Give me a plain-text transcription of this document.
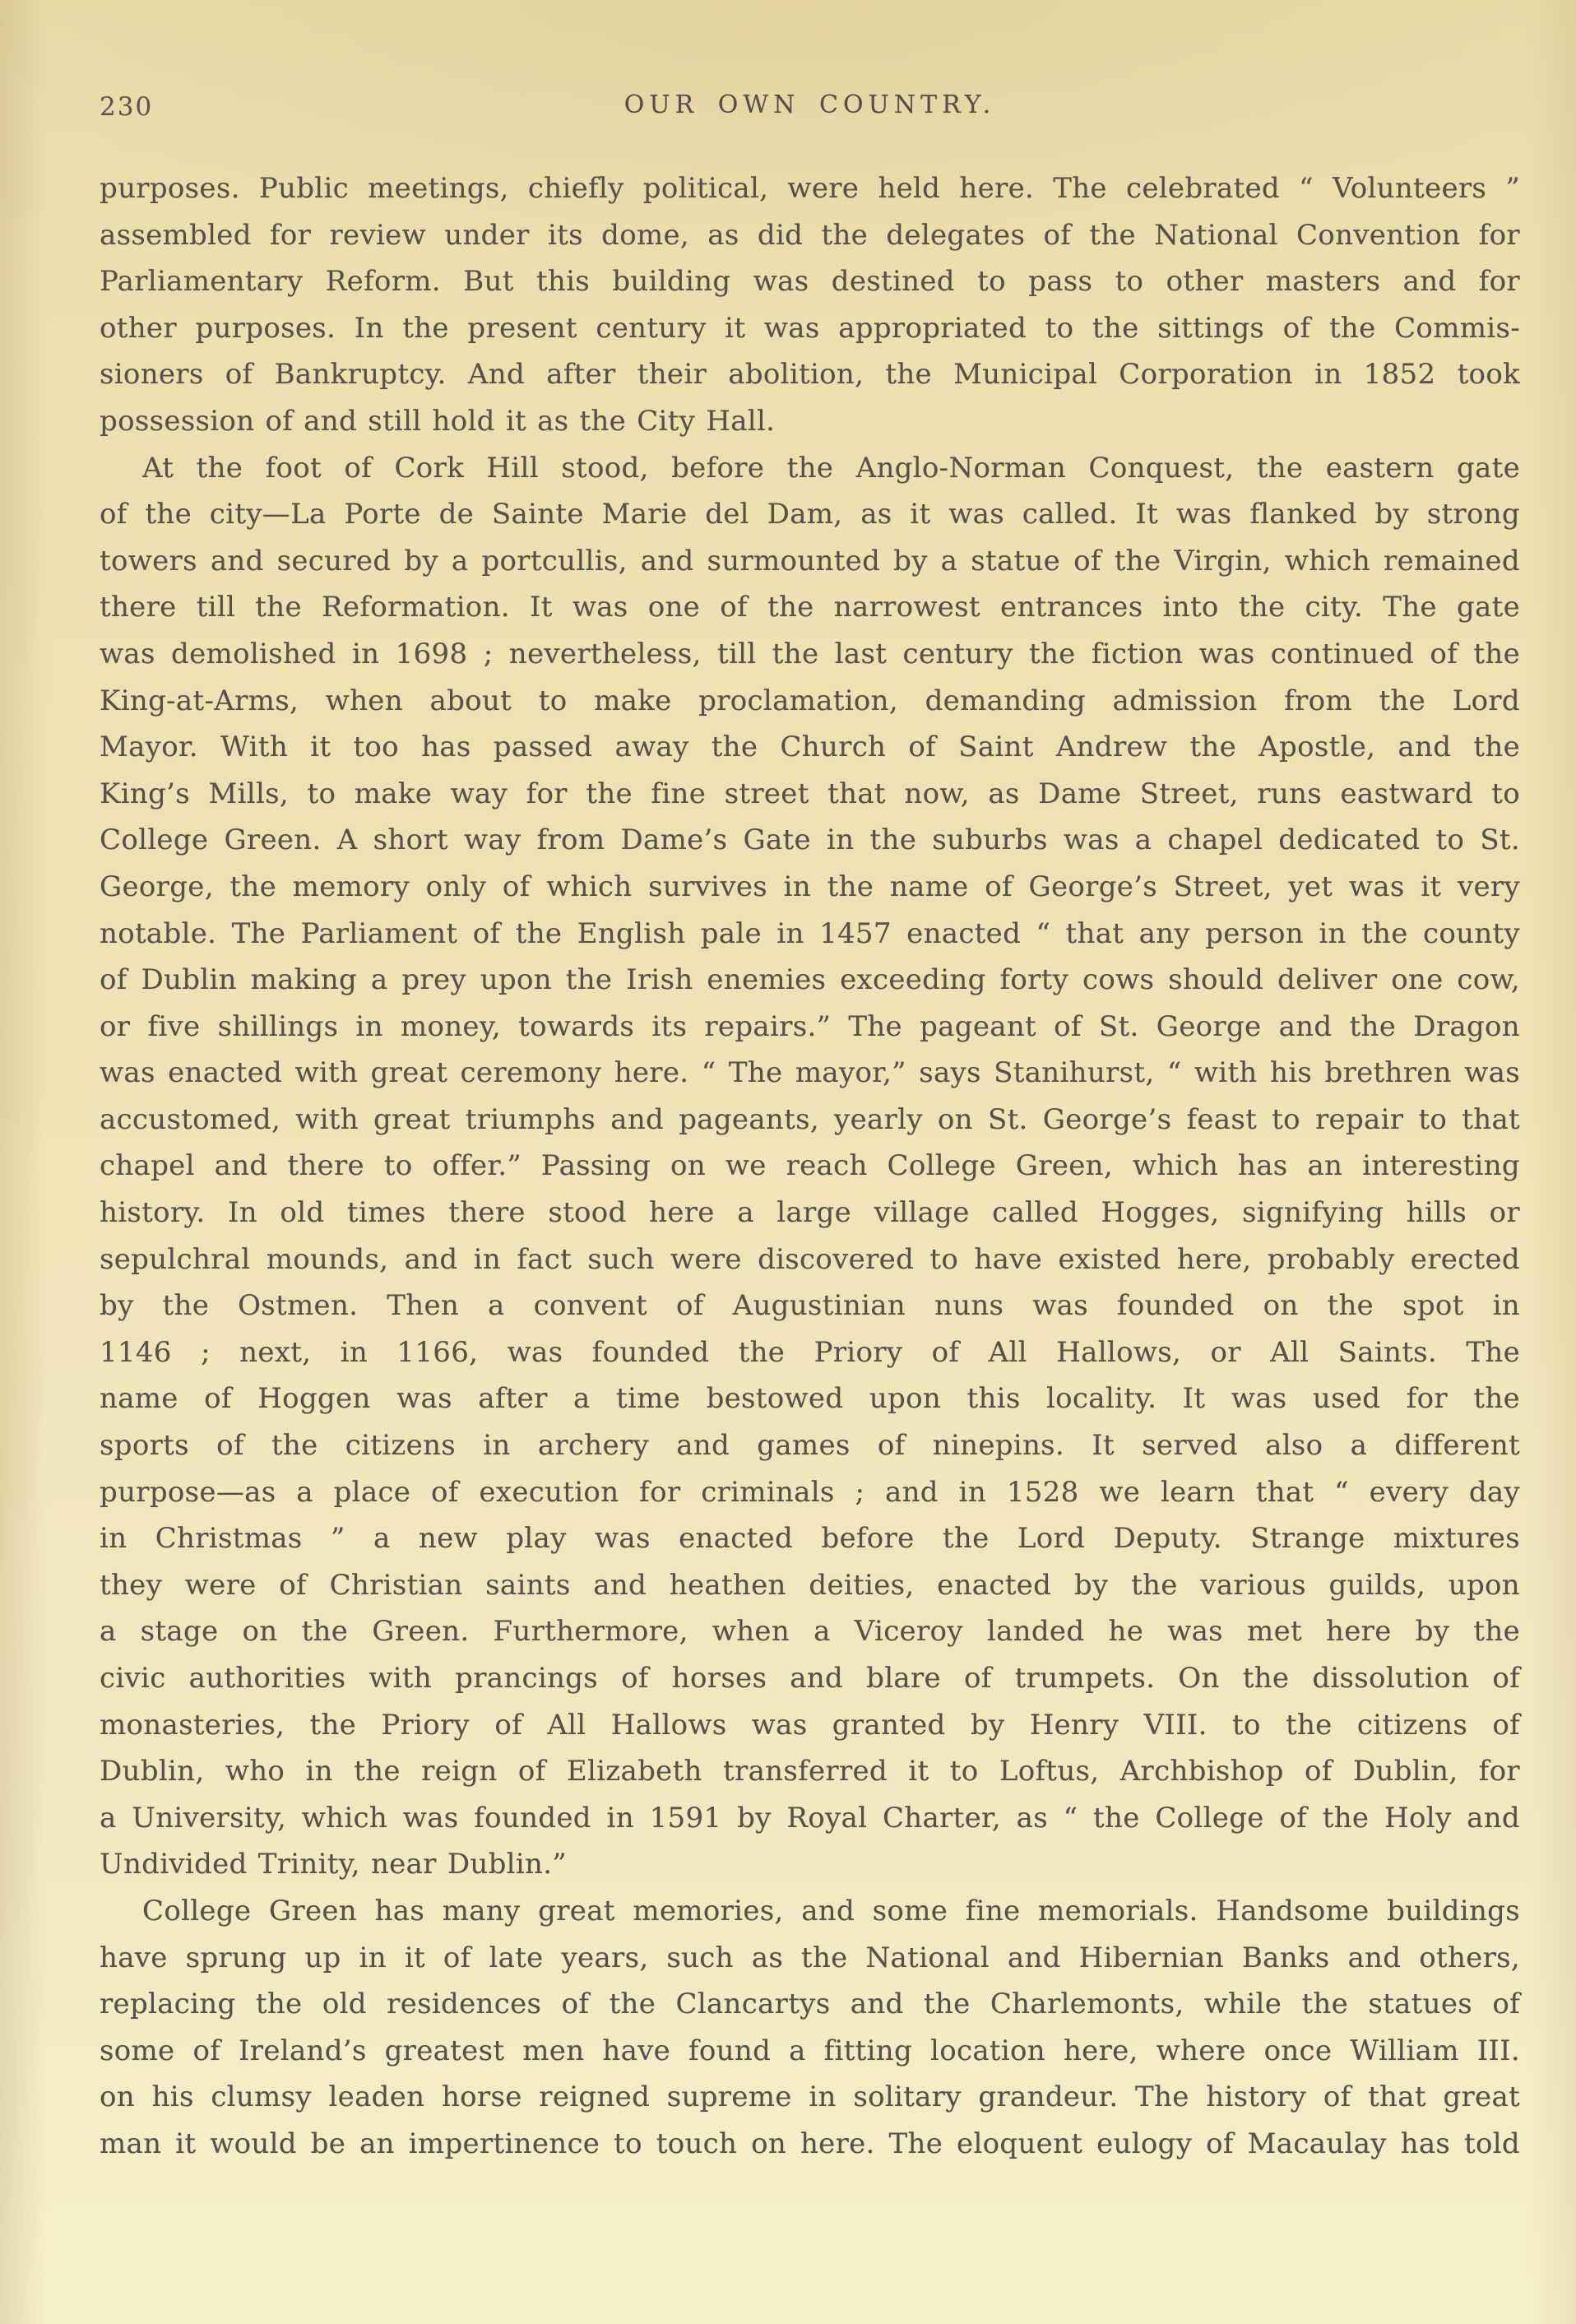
230	OUR OWN COUNTRY.
purposes. Public meetings, chiefly political, were held here. The celebrated “ Volunteers ”
assembled for review under its dome, as did the delegates of the National Convention for
Parliamentary Reform. But this building was destined to pass to other masters and for
other purposes. In the present century it was appropriated to the sittings of the Commis-
sioners of Bankruptcy. And after their abolition, the Municipal Corporation in 1852 took
possession of and still hold it as the City Hall.
At the foot of Cork Hill stood, before the Anglo-Norman Conquest, the eastern gate
of the city—La Porte de Sainte Marie del Dam, as it was called. It was flanked by strong
towers and secured by a portcullis, and surmounted by a statue of the Virgin, which remained
there till the Reformation. It was one of the narrowest entrances into the city. The gate
was demolished in 1698 ; nevertheless, till the last century the fiction was continued of the
King-at-Arms, when about to make proclamation, demanding admission from the Lord
Mayor. With it too has passed away the Church of Saint Andrew the Apostle, and the
King’s Mills, to make way for the fine street that now, as Dame Street, runs eastward to
College Green. A short way from Dame’s Gate in the suburbs was a chapel dedicated to St.
George, the memory only of which survives in the name of George’s Street, yet was it very
notable. The Parliament of the English pale in 1457 enacted “ that any person in the county
of Dublin making a prey upon the Irish enemies exceeding forty cows should deliver one cow,
or five shillings in money, towards its repairs.” The pageant of St. George and the Dragon
was enacted with great ceremony here. “ The mayor,” says Stanihurst, “ with his brethren was
accustomed, with great triumphs and pageants, yearly on St. George’s feast to repair to that
chapel and there to offer.” Passing on we reach College Green, which has an interesting
history. In old times there stood here a large village called Hogges, signifying hills or
sepulchral mounds, and in fact such were discovered to have existed here, probably erected
by the Ostmen. Then a convent of Augustinian nuns was founded on the spot in
1146 ; next, in 1166, was founded the Priory of All Hallows, or All Saints. The
name of Hoggen was after a time bestowed upon this locality. It was used for the
sports of the citizens in archery and games of ninepins. It served also a different
purpose—as a place of execution for criminals ; and in 1528 we learn that “ every day
in Christmas ” a new play was enacted before the Lord Deputy. Strange mixtures
they were of Christian saints and heathen deities, enacted by the various guilds, upon
a stage on the Green. Furthermore, when a Viceroy landed he was met here by the
civic authorities with prancings of horses and blare of trumpets. On the dissolution of
monasteries, the Priory of All Hallows was granted by Henry VIII. to the citizens of
Dublin, who in the reign of Elizabeth transferred it to Loftus, Archbishop of Dublin, for
a University, which was founded in 1591 by Royal Charter, as “ the College of the Holy and
Undivided Trinity, near Dublin.”
College Green has many great memories, and some fine memorials. Handsome buildings
have sprung up in it of late years, such as the National and Hibernian Banks and others,
replacing the old residences of the Clancartys and the Charlemonts, while the statues of
some of Ireland’s greatest men have found a fitting location here, where once William III.
on his clumsy leaden horse reigned supreme in solitary grandeur. The history of that great
man it would be an impertinence to touch on here. The eloquent eulogy of Macaulay has told
